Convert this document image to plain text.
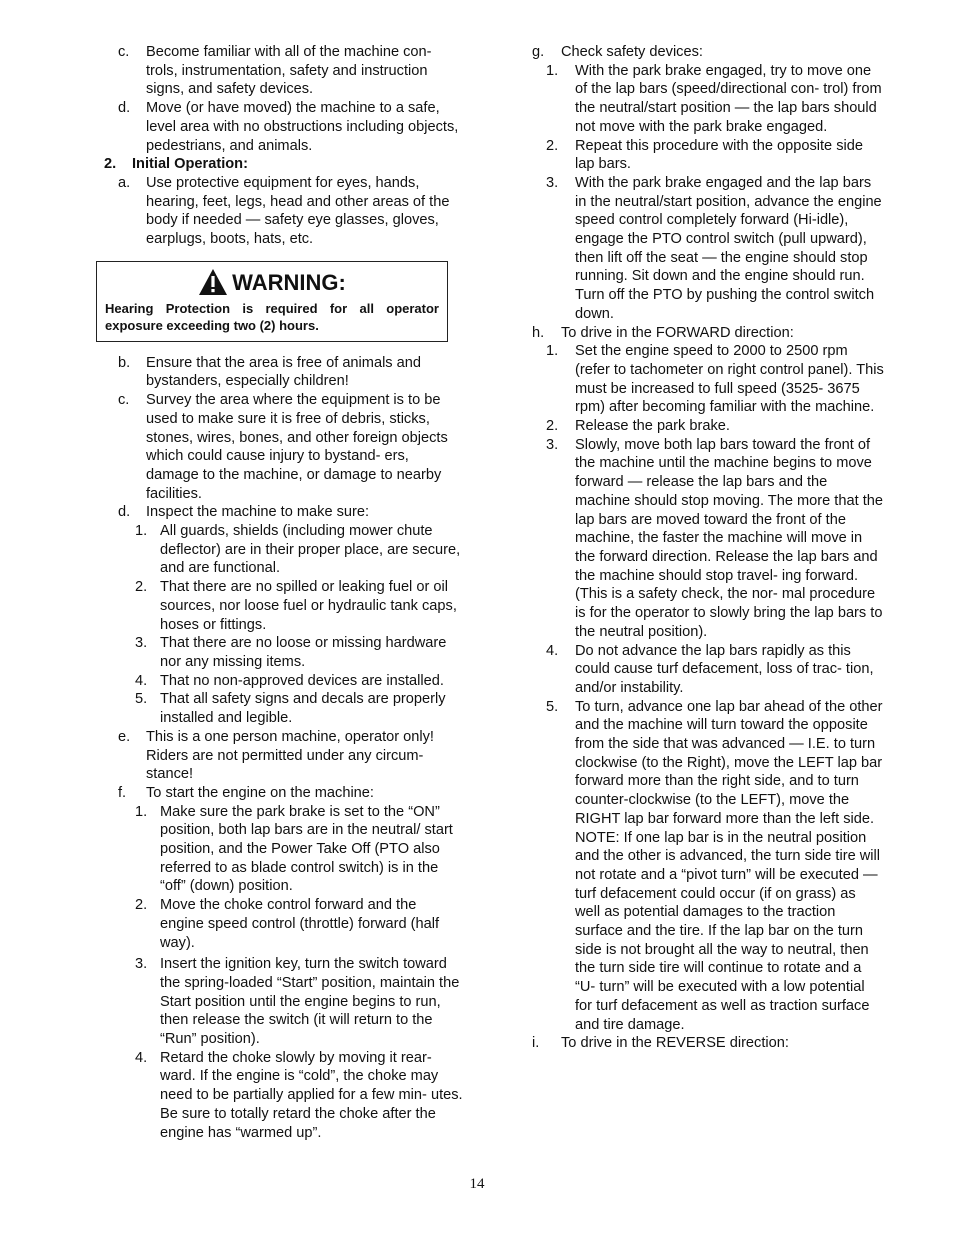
c. Become familiar with all of the machine con- trols, instrumentation, safety and instruction signs, and safety devices.

d. Move (or have moved) the machine to a safe, level area with no obstructions including objects, pedestrians, and animals.

2. Initial Operation:

a. Use protective equipment for eyes, hands, hearing, feet, legs, head and other areas of the body if needed — safety eye glasses, gloves, earplugs, boots, hats, etc.

WARNING:
Hearing Protection is required for all operator exposure exceeding two (2) hours.

b. Ensure that the area is free of animals and bystanders, especially children!

c. Survey the area where the equipment is to be used to make sure it is free of debris, sticks, stones, wires, bones, and other foreign objects which could cause injury to bystand- ers, damage to the machine, or damage to nearby facilities.

d. Inspect the machine to make sure:

1. All guards, shields (including mower chute deflector) are in their proper place, are secure, and are functional.

2. That there are no spilled or leaking fuel or oil sources, nor loose fuel or hydraulic tank caps, hoses or fittings.

3. That there are no loose or missing hardware nor any missing items.

4. That no non-approved devices are installed.

5. That all safety signs and decals are properly installed and legible.

e. This is a one person machine, operator only! Riders are not permitted under any circum- stance!

f. To start the engine on the machine:

1. Make sure the park brake is set to the “ON” position, both lap bars are in the neutral/ start position, and the Power Take Off (PTO also referred to as blade control switch) is in the “off” (down) position.

2. Move the choke control forward and the engine speed control (throttle) forward (half way).

3. Insert the ignition key, turn the switch toward the spring-loaded “Start” position, maintain the Start position until the engine begins to run, then release the switch (it will return to the “Run” position).

4. Retard the choke slowly by moving it rear- ward. If the engine is “cold”, the choke may need to be partially applied for a few min- utes. Be sure to totally retard the choke after the engine has “warmed up”.

g. Check safety devices:

1. With the park brake engaged, try to move one of the lap bars (speed/directional con- trol) from the neutral/start position — the lap bars should not move with the park brake engaged.

2. Repeat this procedure with the opposite side lap bars.

3. With the park brake engaged and the lap bars in the neutral/start position, advance the engine speed control completely forward (Hi-idle), engage the PTO control switch (pull upward), then lift off the seat — the engine should stop running. Sit down and the engine should run. Turn off the PTO by pushing the control switch down.

h. To drive in the FORWARD direction:

1. Set the engine speed to 2000 to 2500 rpm (refer to tachometer on right control panel). This must be increased to full speed (3525- 3675 rpm) after becoming familiar with the machine.

2. Release the park brake.

3. Slowly, move both lap bars toward the front of the machine until the machine begins to move forward — release the lap bars and the machine should stop moving. The more that the lap bars are moved toward the front of the machine, the faster the machine will move in the forward direction. Release the lap bars and the machine should stop travel- ing forward. (This is a safety check, the nor- mal procedure is for the operator to slowly bring the lap bars to the neutral position).

4. Do not advance the lap bars rapidly as this could cause turf defacement, loss of trac- tion, and/or instability.

5. To turn, advance one lap bar ahead of the other and the machine will turn toward the opposite from the side that was advanced — I.E. to turn clockwise (to the Right), move the LEFT lap bar forward more than the right side, and to turn counter-clockwise (to the LEFT), move the RIGHT lap bar forward more than the left side. NOTE: If one lap bar is in the neutral position and the other is advanced, the turn side tire will not rotate and a “pivot turn” will be executed — turf defacement could occur (if on grass) as well as potential damages to the traction surface and the tire. If the lap bar on the turn side is not brought all the way to neutral, then the turn side tire will continue to rotate and a “U- turn” will be executed with a low potential for turf defacement as well as traction surface and tire damage.

i. To drive in the REVERSE direction:

14
